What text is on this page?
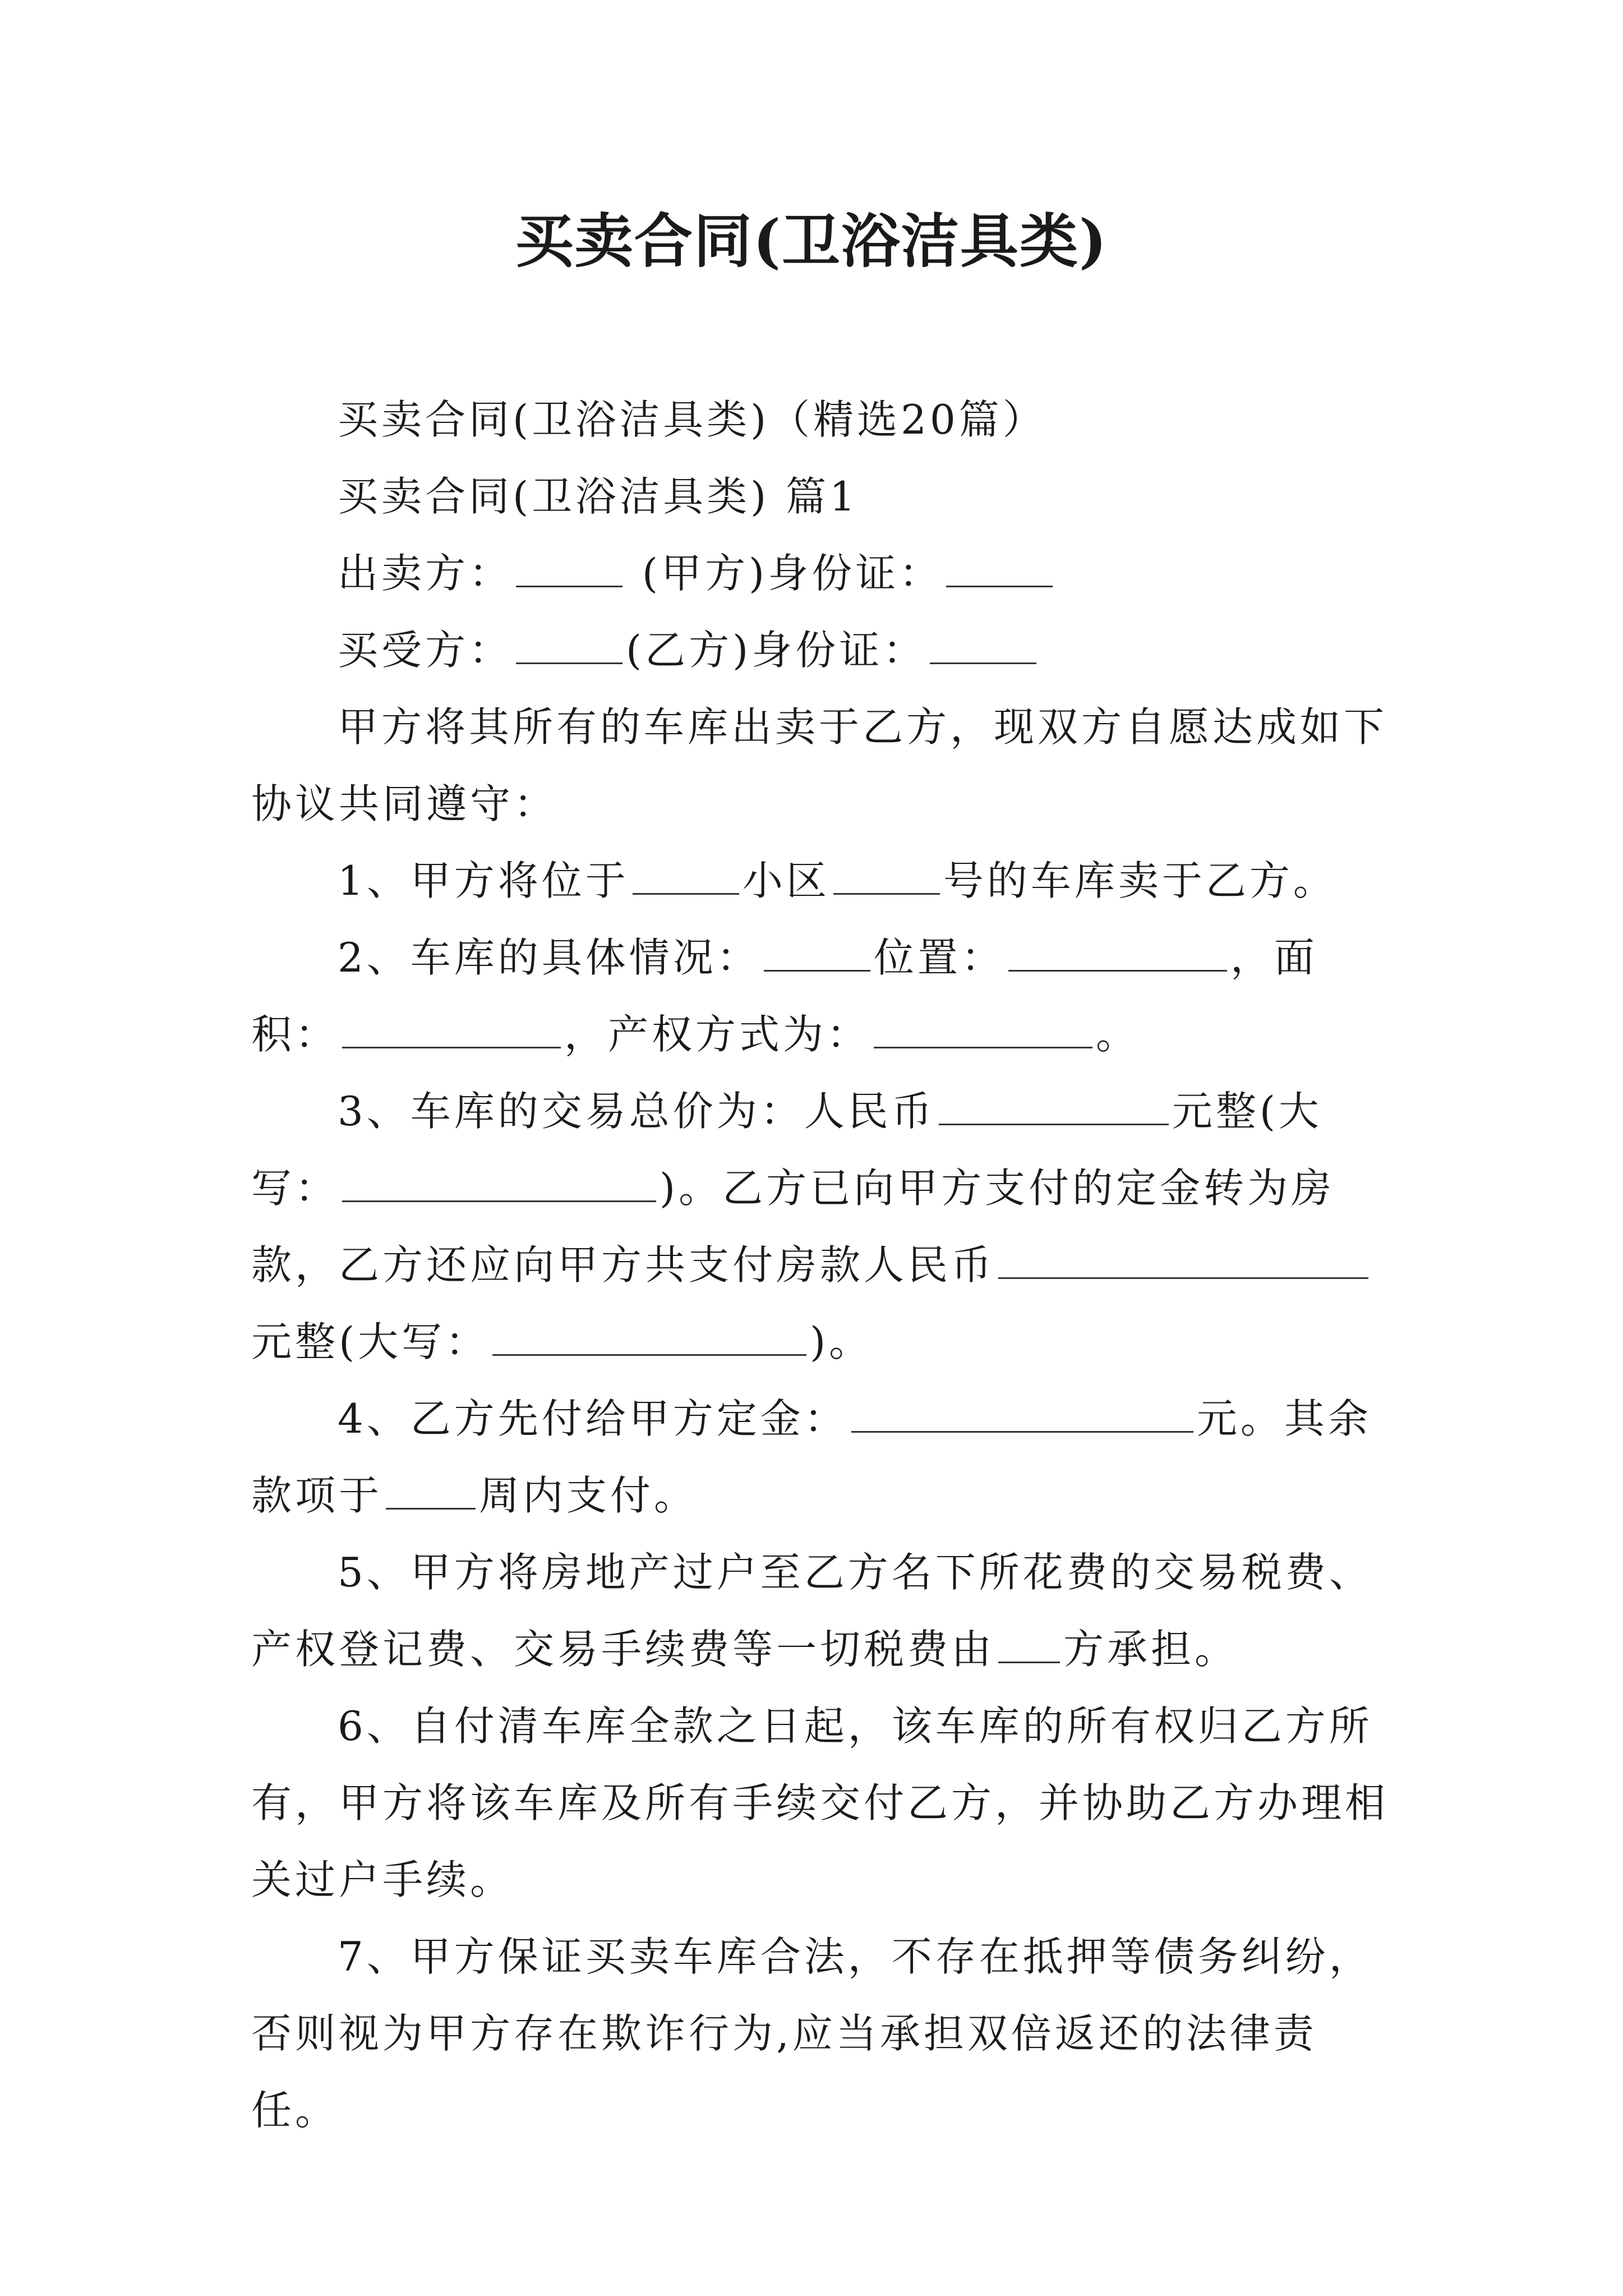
买卖合同(卫浴洁具类)

买卖合同(卫浴洁具类)（精选20篇）

买卖合同(卫浴洁具类) 篇1

出卖方：	(甲方)身份证：

买受方：	(乙方)身份证：

甲方将其所有的车库出卖于乙方，现双方自愿达成如下协议共同遵守：

1、甲方将位于	小区	号的车库卖于乙方。

2、车库的具体情况：	位置：	，面积：	，产权方式为：	。

3、车库的交易总价为：人民币	元整(大写：	)。乙方已向甲方支付的定金转为房款，乙方还应向甲方共支付房款人民币元整(大写：	)。

4、乙方先付给甲方定金：	元。其余款项于 周内支付。

5、甲方将房地产过户至乙方名下所花费的交易税费、产权登记费、交易手续费等一切税费由 方承担。

6、自付清车库全款之日起，该车库的所有权归乙方所有，甲方将该车库及所有手续交付乙方，并协助乙方办理相关过户手续。

7、甲方保证买卖车库合法，不存在抵押等债务纠纷，否则视为甲方存在欺诈行为,应当承担双倍返还的法律责任。
